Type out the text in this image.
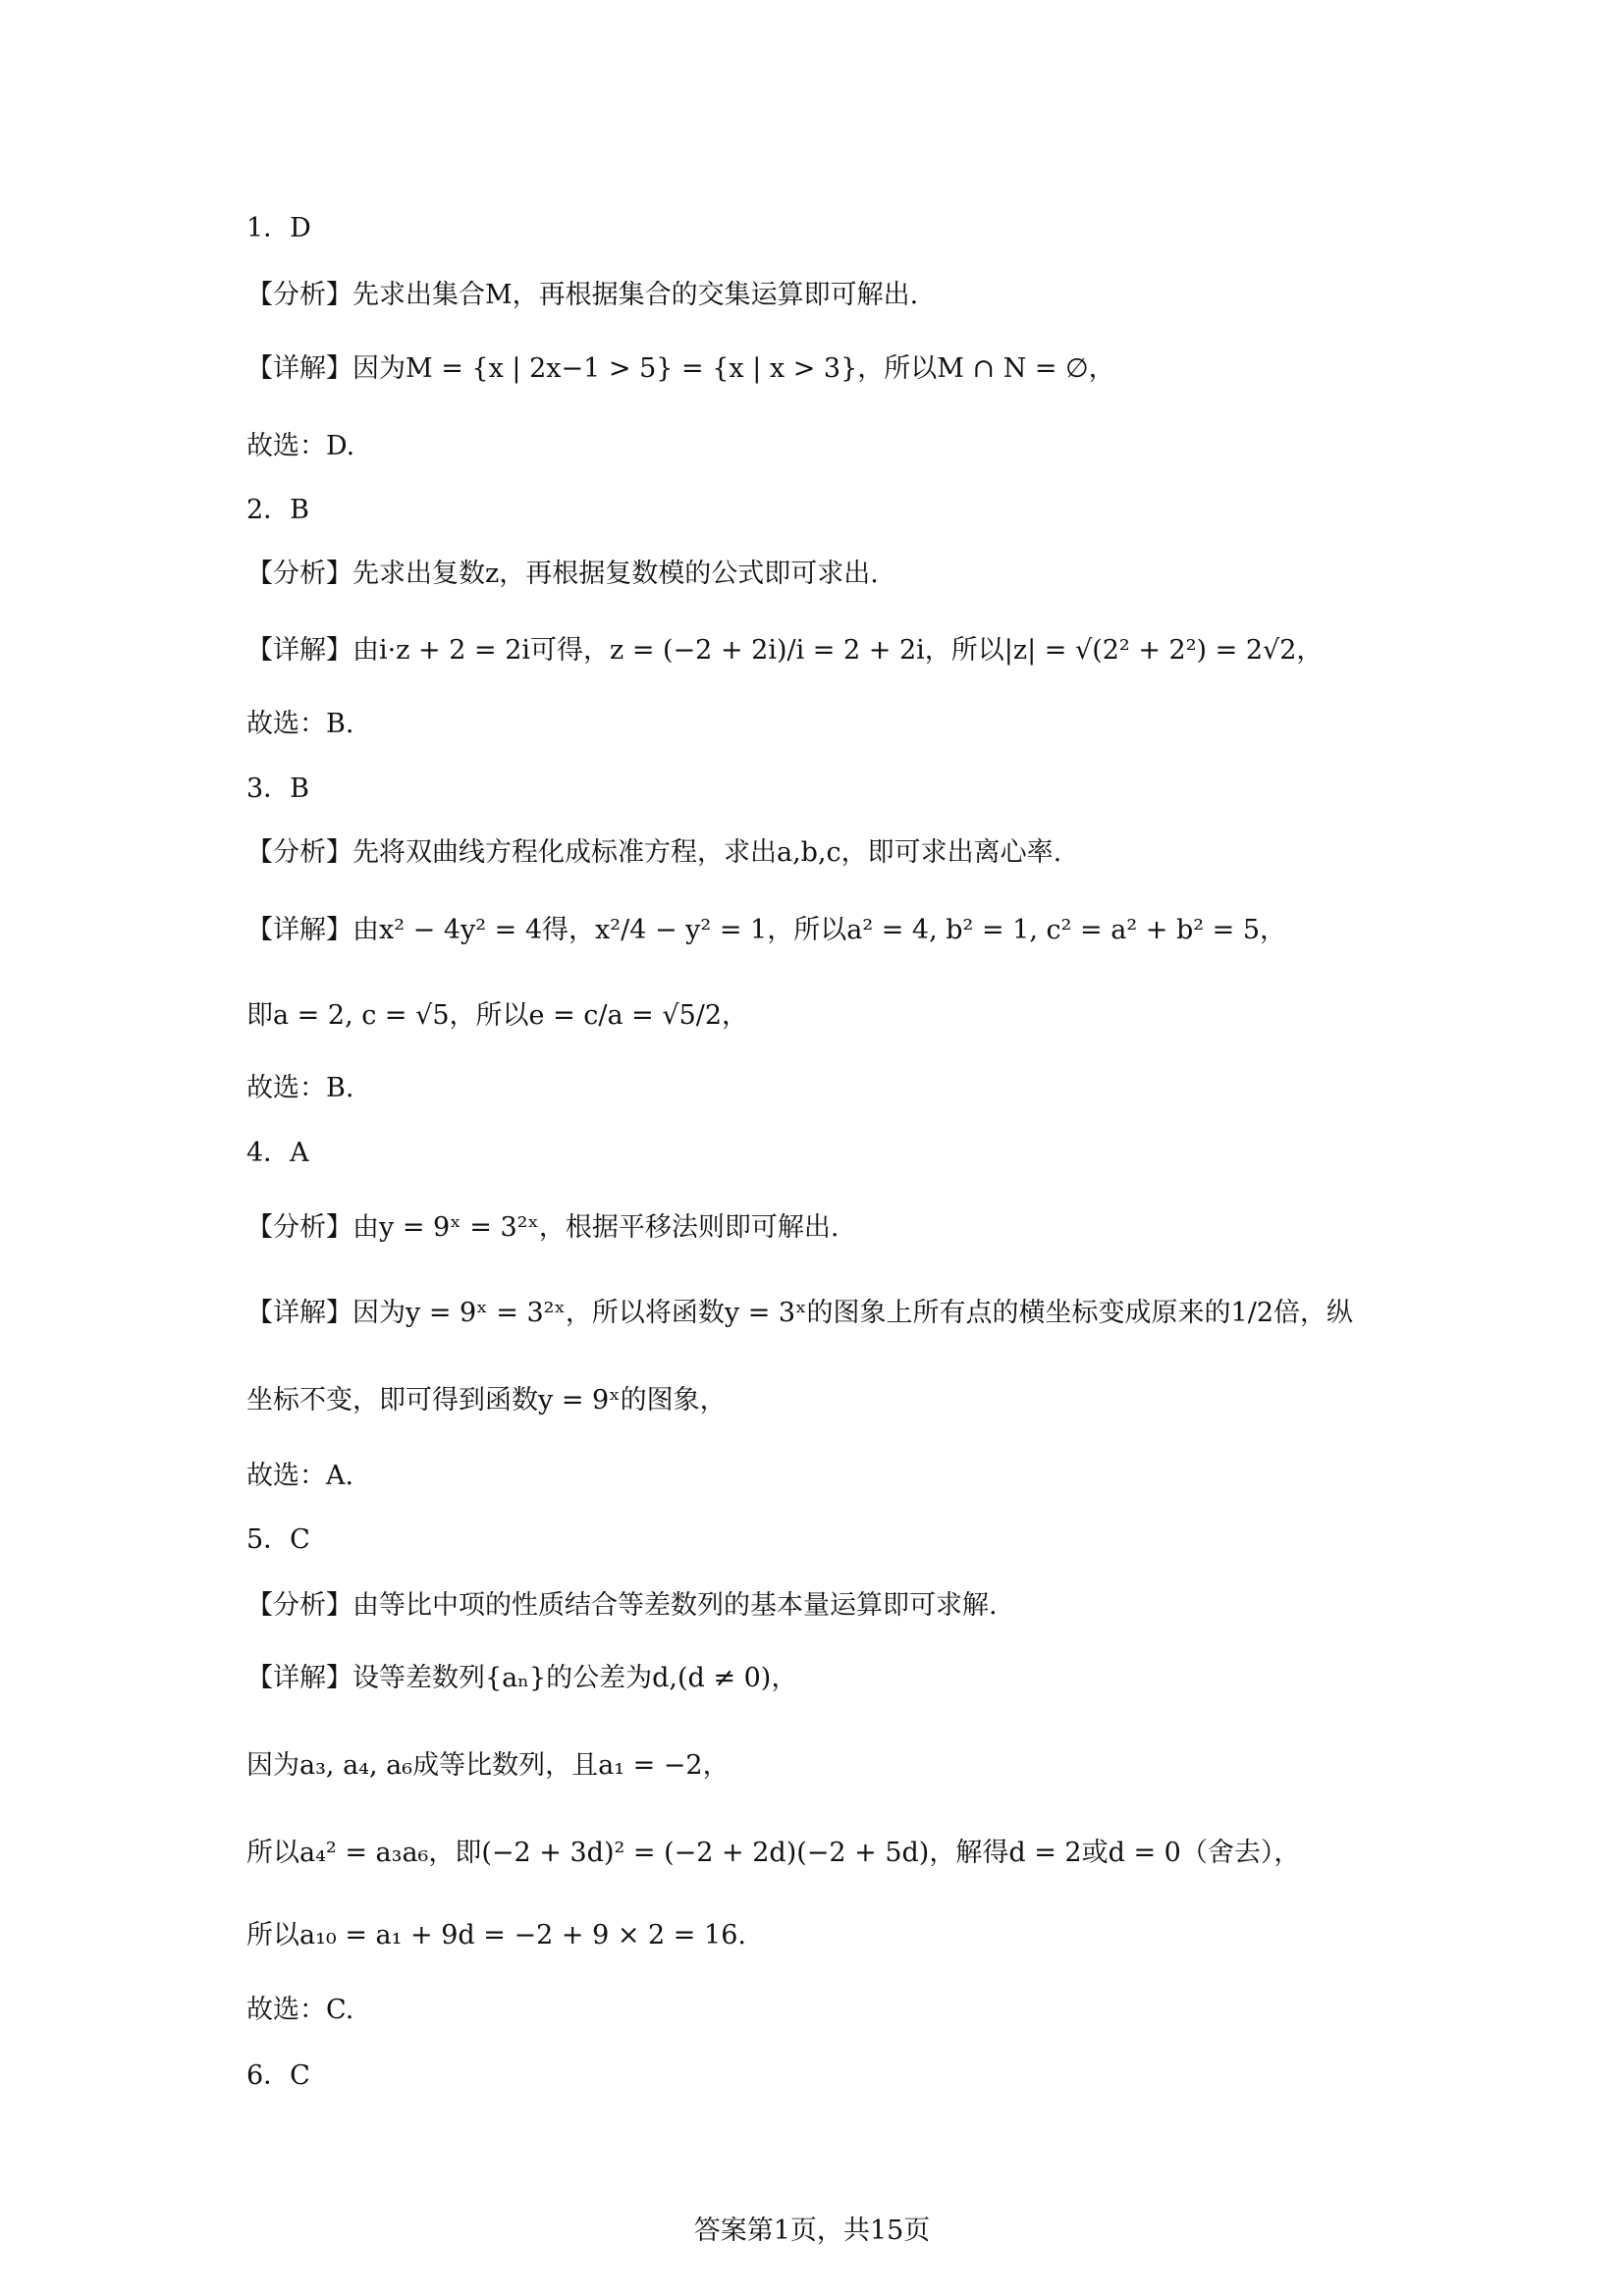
1．D
【分析】先求出集合M，再根据集合的交集运算即可解出.
【详解】因为M = {x | 2x−1 > 5} = {x | x > 3}，所以M ∩ N = ∅，
故选：D.
2．B
【分析】先求出复数z，再根据复数模的公式即可求出.
【详解】由i·z + 2 = 2i可得，z = (−2 + 2i)/i = 2 + 2i，所以|z| = √(2² + 2²) = 2√2，
故选：B.
3．B
【分析】先将双曲线方程化成标准方程，求出a,b,c，即可求出离心率.
【详解】由x² − 4y² = 4得，x²/4 − y² = 1，所以a² = 4, b² = 1, c² = a² + b² = 5，
即a = 2, c = √5，所以e = c/a = √5/2，
故选：B.
4．A
【分析】由y = 9ˣ = 3²ˣ，根据平移法则即可解出.
【详解】因为y = 9ˣ = 3²ˣ，所以将函数y = 3ˣ的图象上所有点的横坐标变成原来的1/2倍，纵
坐标不变，即可得到函数y = 9ˣ的图象，
故选：A.
5．C
【分析】由等比中项的性质结合等差数列的基本量运算即可求解.
【详解】设等差数列{aₙ}的公差为d,(d ≠ 0)，
因为a₃, a₄, a₆成等比数列，且a₁ = −2，
所以a₄² = a₃a₆，即(−2 + 3d)² = (−2 + 2d)(−2 + 5d)，解得d = 2或d = 0（舍去），
所以a₁₀ = a₁ + 9d = −2 + 9 × 2 = 16.
故选：C.
6．C
答案第1页，共15页
